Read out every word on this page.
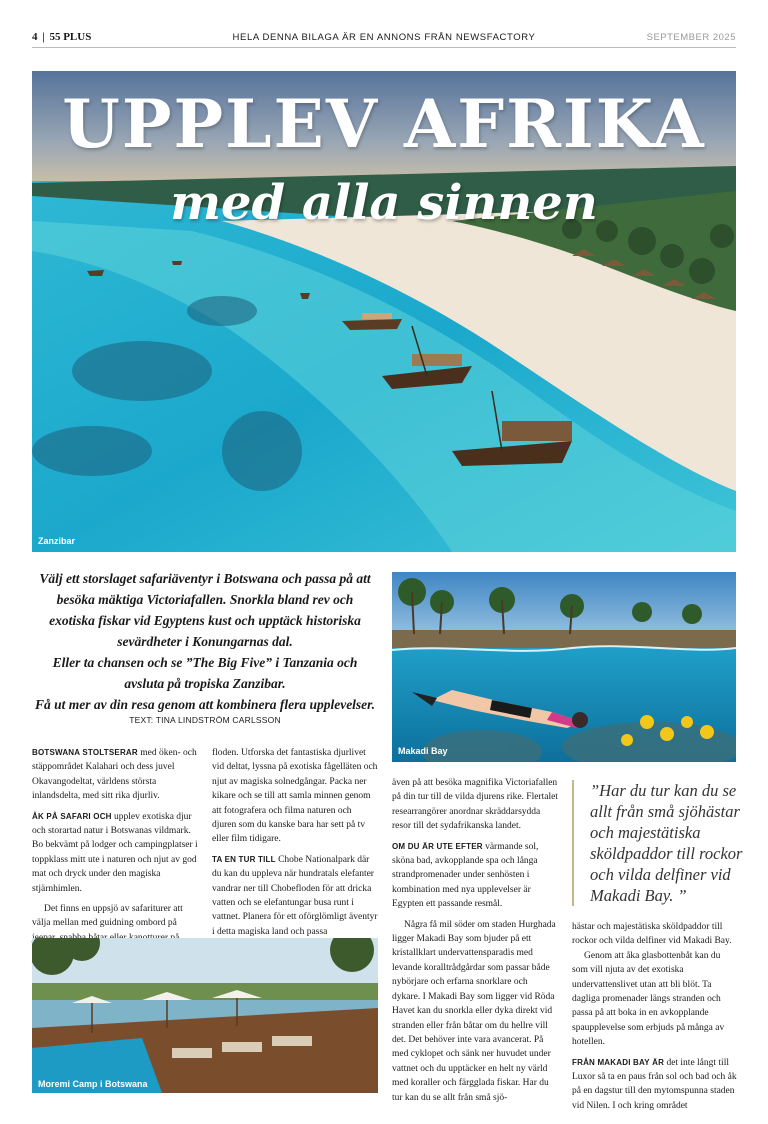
4 | 55 PLUS	HELA DENNA BILAGA ÄR EN ANNONS FRÅN NEWSFACTORY	SEPTEMBER 2025
UPPLEV AFRIKA
med alla sinnen
Zanzibar
Välj ett storslaget safariäventyr i Botswana och passa på att
besöka mäktiga Victoriafallen. Snorkla bland rev och
exotiska fiskar vid Egyptens kust och upptäck historiska
sevärdheter i Konungarnas dal.
Eller ta chansen och se ”The Big Five” i Tanzania och
avsluta på tropiska Zanzibar.
Få ut mer av din resa genom att kombinera flera upplevelser.
TEXT: TINA LINDSTRÖM CARLSSON
Makadi Bay

BOTSWANA STOLTSERAR med öken- och stäppområdet Kalahari och dess juvel Okavangodeltat, världens största inlandsdelta, med sitt rika djurliv.

ÅK PÅ SAFARI OCH upplev exotiska djur och storartad natur i Botswanas vildmark. Bo bekvämt på lodger och campingplatser i toppklass mitt ute i naturen och njut av god mat och dryck under den magiska stjärnhimlen.

Det finns en uppsjö av safariturer att välja mellan med guidning ombord på

floden. Utforska det fantastiska djurlivet vid deltat, lyssna på exotiska fågelläten och njut av magiska solnedgångar. Packa ner kikare och se till att samla minnen genom att fotografera och filma naturen och djuren som du kanske bara har sett på tv eller film tidigare.

TA EN TUR TILL Chobe Nationalpark där du kan du uppleva när hundratals elefanter vandrar ner till Chobefloden för att dricka vatten och se elefantungar busa runt i vattnet. Planera för ett oförglömligt äventyr i detta magiska land och passa

Moremi Camp i Botswana

även på att besöka magnifika Victoriafallen på din tur till de vilda djurens rike. Flertalet researrangörer anordnar skräddarsydda resor till det sydafrikanska landet.

OM DU ÄR UTE EFTER värmande sol, sköna bad, avkopplande spa och långa strandpromenader under senhösten i kombination med nya upplevelser är Egypten ett passande resmål.

Några få mil söder om staden Hurghada ligger Makadi Bay som bjuder på ett kristallklart undervattensparadis med levande koralltrådgårdar som passar både nybörjare och erfarna snorklare och dykare. I Makadi Bay som ligger vid Röda Havet kan du snorkla eller dyka direkt vid stranden eller från båtar om du hellre vill det. Det behöver inte vara avancerat. På med cyklopet och sänk ner huvudet under vattnet och du upptäcker en helt ny värld med koraller och färgglada fiskar. Har du tur kan du se allt från små sjö-

”Har du tur kan du se
allt från små sjöhästar
och majestätiska
sköldpaddor till rockor
och vilda delfiner vid
Makadi Bay. ”

hästar och majestätiska sköldpaddor till rockor och vilda delfiner vid Makadi Bay.

Genom att åka glasbottenbåt kan du som vill njuta av det exotiska undervattenslivet utan att bli blöt. Ta dagliga promenader längs stranden och passa på att boka in en avkopplande spaupplevelse som erbjuds på många av hotellen.

FRÅN MAKADI BAY ÄR det inte långt till Luxor så ta en paus från sol och bad och åk på en dagstur till den mytomspunna staden vid Nilen. I och kring området
